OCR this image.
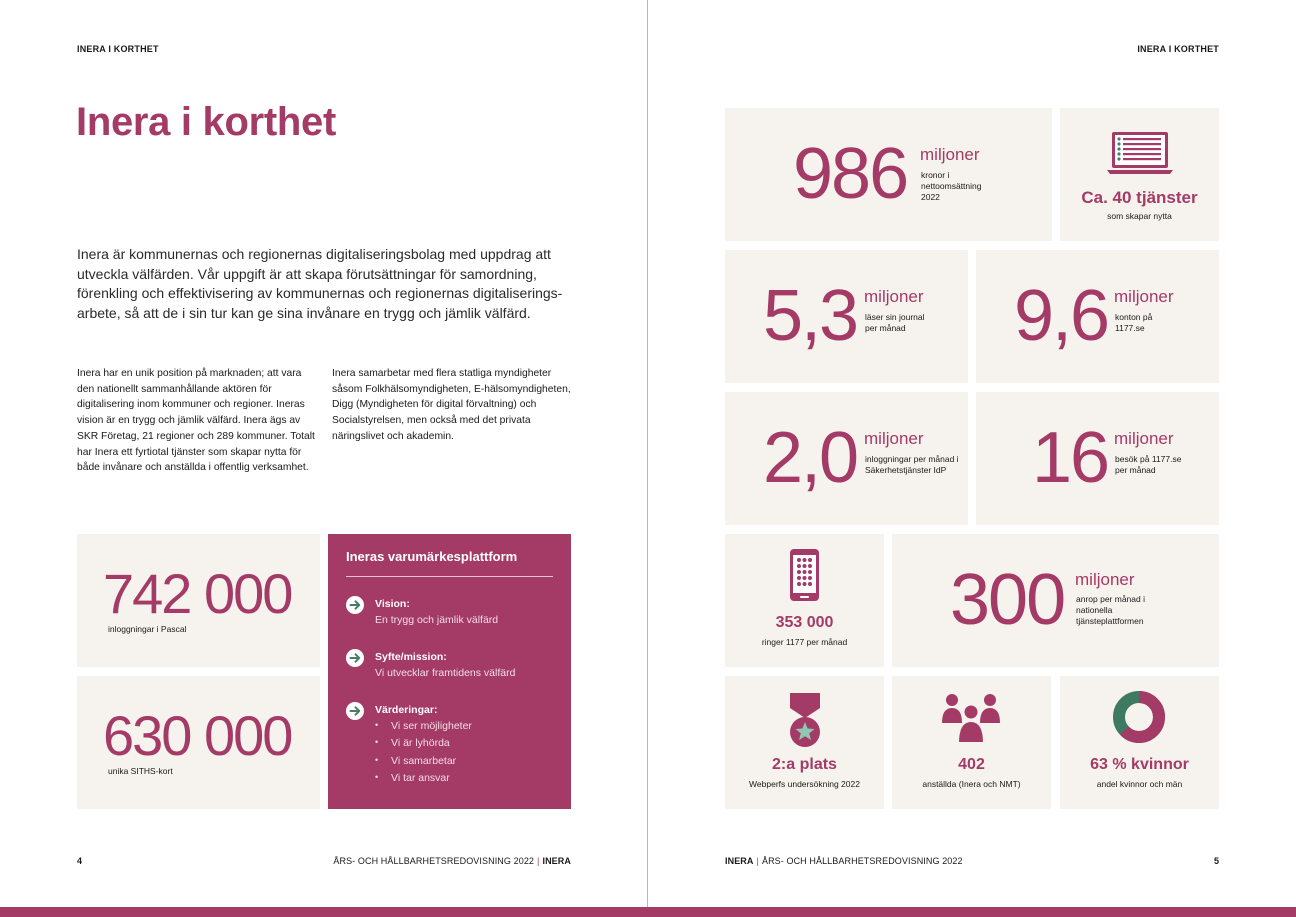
INERA I KORTHET
Inera i korthet

Inera är kommunernas och regionernas digitaliseringsbolag med uppdrag att utveckla välfärden. Vår uppgift är att skapa förutsättningar för samordning, förenkling och effektivisering av kommunernas och regionernas digitaliseringsarbete, så att de i sin tur kan ge sina invånare en trygg och jämlik välfärd.

Inera har en unik position på marknaden; att vara den nationellt sammanhållande aktören för digitalisering inom kommuner och regioner. Ineras vision är en trygg och jämlik välfärd. Inera ägs av SKR Företag, 21 regioner och 289 kommuner. Totalt har Inera ett fyrtiotal tjänster som skapar nytta för både invånare och anställda i offentlig verksamhet.

Inera samarbetar med flera statliga myndigheter såsom Folkhälsomyndigheten, E-hälsomyndigheten, Digg (Myndigheten för digital förvaltning) och Socialstyrelsen, men också med det privata näringslivet och akademin.

742 000
inloggningar i Pascal
630 000
unika SITHS-kort
Ineras varumärkesplattform
Vision:
En trygg och jämlik välfärd
Syfte/mission:
Vi utvecklar framtidens välfärd
Värderingar:
• Vi ser möjligheter
• Vi är lyhörda
• Vi samarbetar
• Vi tar ansvar
4	ÅRS- OCH HÅLLBARHETSREDOVISNING 2022 | INERA
INERA I KORTHET
986 miljoner
kronor i nettoomsättning 2022	Ca. 40 tjänster
som skapar nytta
5,3 miljoner
läser sin journal per månad 9,6 miljoner
konton på 1177.se
2,0 miljoner
inloggningar per månad i Säkerhetstjänster IdP 16 miljoner
besök på 1177.se per månad
353 000
ringer 1177 per månad
300 miljoner
anrop per månad i nationella tjänsteplattformen
2:a plats
Webperfs undersökning 2022
402
anställda (Inera och NMT)
63 % kvinnor
andel kvinnor och män
INERA | ÅRS- OCH HÅLLBARHETSREDOVISNING 2022	5
